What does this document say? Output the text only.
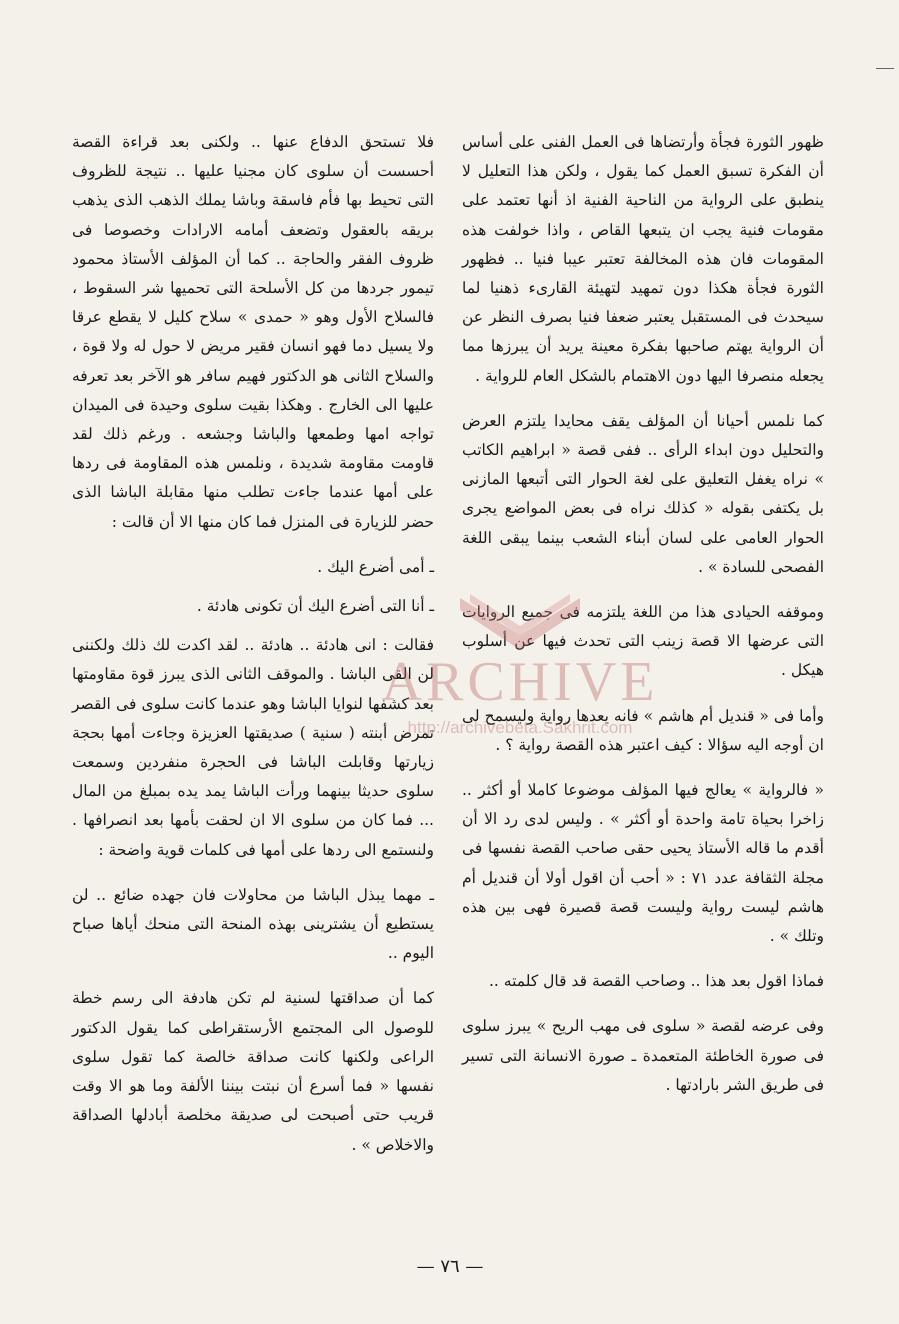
ظهور الثورة فجأة وأرتضاها فى العمل الفنى على أساس أن الفكرة تسبق العمل كما يقول ، ولكن هذا التعليل لا ينطبق على الرواية من الناحية الفنية اذ أنها تعتمد على مقومات فنية يجب ان يتبعها القاص ، واذا خولفت هذه المقومات فان هذه المخالفة تعتبر عيبا فنيا .. فظهور الثورة فجأة هكذا دون تمهيد لتهيئة القارىء ذهنيا لما سيحدث فى المستقبل يعتبر ضعفا فنيا بصرف النظر عن أن الرواية يهتم صاحبها بفكرة معينة يريد أن يبرزها مما يجعله منصرفا اليها دون الاهتمام بالشكل العام للرواية .

كما نلمس أحيانا أن المؤلف يقف محايدا يلتزم العرض والتحليل دون ابداء الرأى .. ففى قصة « ابراهيم الكاتب » نراه يغفل التعليق على لغة الحوار التى أتبعها المازنى بل يكتفى بقوله « كذلك نراه فى بعض المواضع يجرى الحوار العامى على لسان أبناء الشعب بينما يبقى اللغة الفصحى للسادة » .

وموقفه الحيادى هذا من اللغة يلتزمه فى جميع الروايات التى عرضها الا قصة زينب التى تحدث فيها عن أسلوب هيكل .

وأما فى « قنديل أم هاشم » فانه يعدها رواية وليسمح لى ان أوجه اليه سؤالا : كيف اعتبر هذه القصة رواية ؟ .

« فالرواية » يعالج فيها المؤلف موضوعا كاملا أو أكثر .. زاخرا بحياة تامة واحدة أو أكثر » . وليس لدى رد الا أن أقدم ما قاله الأستاذ يحيى حقى صاحب القصة نفسها فى مجلة الثقافة عدد ٧١ : « أحب أن اقول أولا أن قنديل أم هاشم ليست رواية وليست قصة قصيرة فهى بين هذه وتلك » .

فماذا اقول بعد هذا .. وصاحب القصة قد قال كلمته ..

وفى عرضه لقصة « سلوى فى مهب الريح » يبرز سلوى فى صورة الخاطئة المتعمدة ـ صورة الانسانة التى تسير فى طريق الشر بارادتها .

فلا تستحق الدفاع عنها .. ولكنى بعد قراءة القصة أحسست أن سلوى كان مجنيا عليها .. نتيجة للظروف التى تحيط بها فأم فاسقة وباشا يملك الذهب الذى يذهب بريقه بالعقول وتضعف أمامه الارادات وخصوصا فى ظروف الفقر والحاجة .. كما أن المؤلف الأستاذ محمود تيمور جردها من كل الأسلحة التى تحميها شر السقوط ، فالسلاح الأول وهو « حمدى » سلاح كليل لا يقطع عرقا ولا يسيل دما فهو انسان فقير مريض لا حول له ولا قوة ، والسلاح الثانى هو الدكتور فهيم سافر هو الآخر بعد تعرفه عليها الى الخارج . وهكذا بقيت سلوى وحيدة فى الميدان تواجه امها وطمعها والباشا وجشعه . ورغم ذلك لقد قاومت مقاومة شديدة ، ونلمس هذه المقاومة فى ردها على أمها عندما جاءت تطلب منها مقابلة الباشا الذى حضر للزيارة فى المنزل فما كان منها الا أن قالت :

ـ أمى أضرع اليك .

ـ أنا التى أضرع اليك أن تكونى هادئة .

فقالت : انى هادئة .. هادئة .. لقد اكدت لك ذلك ولكننى لن القى الباشا . والموقف الثانى الذى يبرز قوة مقاومتها بعد كشفها لنوايا الباشا وهو عندما كانت سلوى فى القصر تمرض أبنته ( سنية ) صديقتها العزيزة وجاءت أمها بحجة زيارتها وقابلت الباشا فى الحجرة منفردين وسمعت سلوى حديثا بينهما ورأت الباشا يمد يده بمبلغ من المال ... فما كان من سلوى الا ان لحقت بأمها بعد انصرافها . ولنستمع الى ردها على أمها فى كلمات قوية واضحة :

ـ مهما يبذل الباشا من محاولات فان جهده ضائع .. لن يستطيع أن يشترينى بهذه المنحة التى منحك أياها صباح اليوم ..

كما أن صداقتها لسنية لم تكن هادفة الى رسم خطة للوصول الى المجتمع الأرستقراطى كما يقول الدكتور الراعى ولكنها كانت صداقة خالصة كما تقول سلوى نفسها « فما أسرع أن نبتت بيننا الألفة وما هو الا وقت قريب حتى أصبحت لى صديقة مخلصة أبادلها الصداقة والاخلاص » .

ARCHIVE
http://archivebeta.Sakhrit.com
— ٧٦ —
